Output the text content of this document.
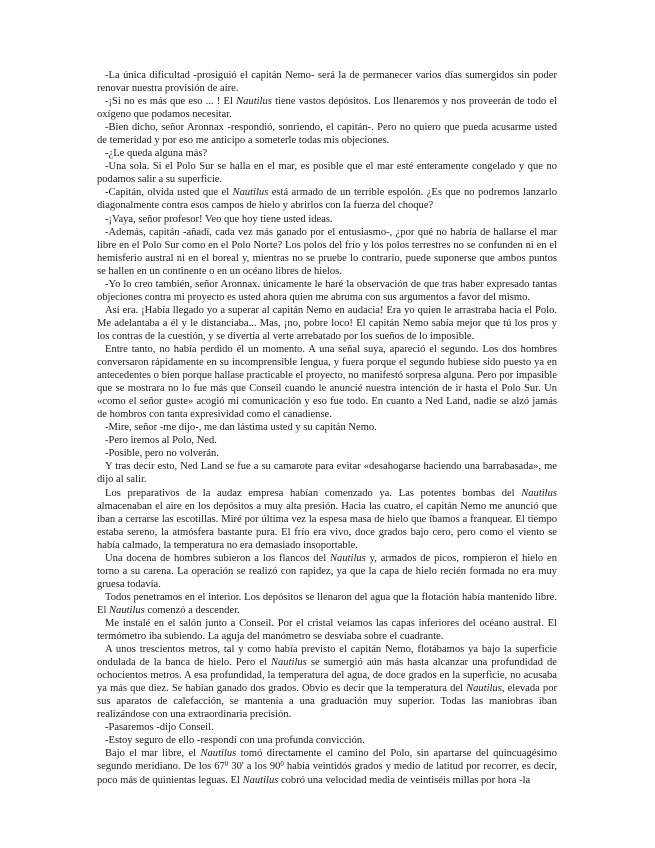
-La única dificultad -prosiguió el capitán Nemo- será la de permanecer varios días sumergidos sin poder renovar nuestra provisión de aire.

-¡Si no es más que eso ... ! El Nautilus tiene vastos depósitos. Los llenaremos y nos proveerán de todo el oxígeno que podamos necesitar.

-Bien dicho, señor Aronnax -respondió, sonriendo, el capitán-. Pero no quiero que pueda acusarme usted de temeridad y por eso me anticipo a someterle todas mis objeciones.

-¿Le queda alguna más?

-Una sola. Si el Polo Sur se halla en el mar, es posible que el mar esté enteramente congelado y que no podamos salir a su superficie.

-Capitán, olvida usted que el Nautilus está armado de un terrible espolón. ¿Es que no podremos lanzarlo diagonalmente contra esos campos de hielo y abrirlos con la fuerza del choque?

-¡Vaya, señor profesor! Veo que hoy tiene usted ideas.

-Además, capitán -añadí, cada vez más ganado por el entusiasmo-, ¿por qué no habría de hallarse el mar libre en el Polo Sur como en el Polo Norte? Los polos del frío y los polos terrestres no se confunden ni en el hemisferio austral ni en el boreal y, mientras no se pruebe lo contrario, puede suponerse que ambos puntos se hallen en un continente o en un océano libres de hielos.

-Yo lo creo también, señor Aronnax. únicamente le haré la observación de que tras haber expresado tantas objeciones contra mi proyecto es usted ahora quien me abruma con sus argumentos a favor del mismo.

Así era. ¡Había llegado yo a superar al capitán Nemo en audacia! Era yo quien le arrastraba hacia el Polo. Me adelantaba a él y le distanciaba... Mas, ¡no, pobre loco! El capitán Nemo sabía mejor que tú los pros y los contras de la cuestión, y se divertía al verte arrebatado por los sueños de lo imposible.

Entre tanto, no había perdido él un momento. A una señal suya, apareció el segundo. Los dos hombres conversaron rápidamente en su incomprensible lengua, y fuera porque el segundo hubiese sido puesto ya en antecedentes o bien porque hallase practicable el proyecto, no manifestó sorpresa alguna. Pero por impasible que se mostrara no lo fue más que Conseil cuando le anuncié nuestra intención de ir hasta el Polo Sur. Un «como el señor guste» acogió mi comunicación y eso fue todo. En cuanto a Ned Land, nadie se alzó jamás de hombros con tanta expresividad como el canadiense.

-Mire, señor -me dijo-, me dan lástima usted y su capitán Nemo.

-Pero iremos al Polo, Ned.

-Posible, pero no volverán.

Y tras decir esto, Ned Land se fue a su camarote para evitar «desahogarse haciendo una barrabasada», me dijo al salir.

Los preparativos de la audaz empresa habían comenzado ya. Las potentes bombas del Nautilus almacenaban el aire en los depósitos a muy alta presión. Hacia las cuatro, el capitán Nemo me anunció que iban a cerrarse las escotillas. Miré por última vez la espesa masa de hielo que íbamos a franquear. El tiempo estaba sereno, la atmósfera bastante pura. El frío era vivo, doce grados bajo cero, pero como el viento se había calmado, la temperatura no era demasiado insoportable.

Una docena de hombres subieron a los flancos del Nautilus y, armados de picos, rompieron el hielo en torno a su carena. La operación se realizó con rapidez, ya que la capa de hielo recién formada no era muy gruesa todavía.

Todos penetramos en el interior. Los depósitos se llenaron del agua que la flotación había mantenido libre. El Nautilus comenzó a descender.

Me instalé en el salón junto a Conseil. Por el cristal veíamos las capas inferiores del océano austral. El termómetro iba subiendo. La aguja del manómetro se desviaba sobre el cuadrante.

A unos trescientos metros, tal y como había previsto el capitán Nemo, flotábamos ya bajo la superficie ondulada de la banca de hielo. Pero el Nautilus se sumergió aún más hasta alcanzar una profundidad de ochocientos metros. A esa profundidad, la temperatura del agua, de doce grados en la superficie, no acusaba ya más que diez. Se habían ganado dos grados. Obvio es decir que la temperatura del Nautilus, elevada por sus aparatos de calefacción, se mantenía a una graduación muy superior. Todas las maniobras iban realizándose con una extraordinaria precisión.

-Pasaremos -dijo Conseil.

-Estoy seguro de ello -respondí con una profunda convicción.

Bajo el mar libre, el Nautilus tomó directamente el camino del Polo, sin apartarse del quincuagésimo segundo meridiano. De los $67^0$ 30' a los $90^0$ había veintidós grados y medio de latitud por recorrer, es decir, poco más de quinientas leguas. El Nautilus cobró una velocidad media de veintiséis millas por hora -la
